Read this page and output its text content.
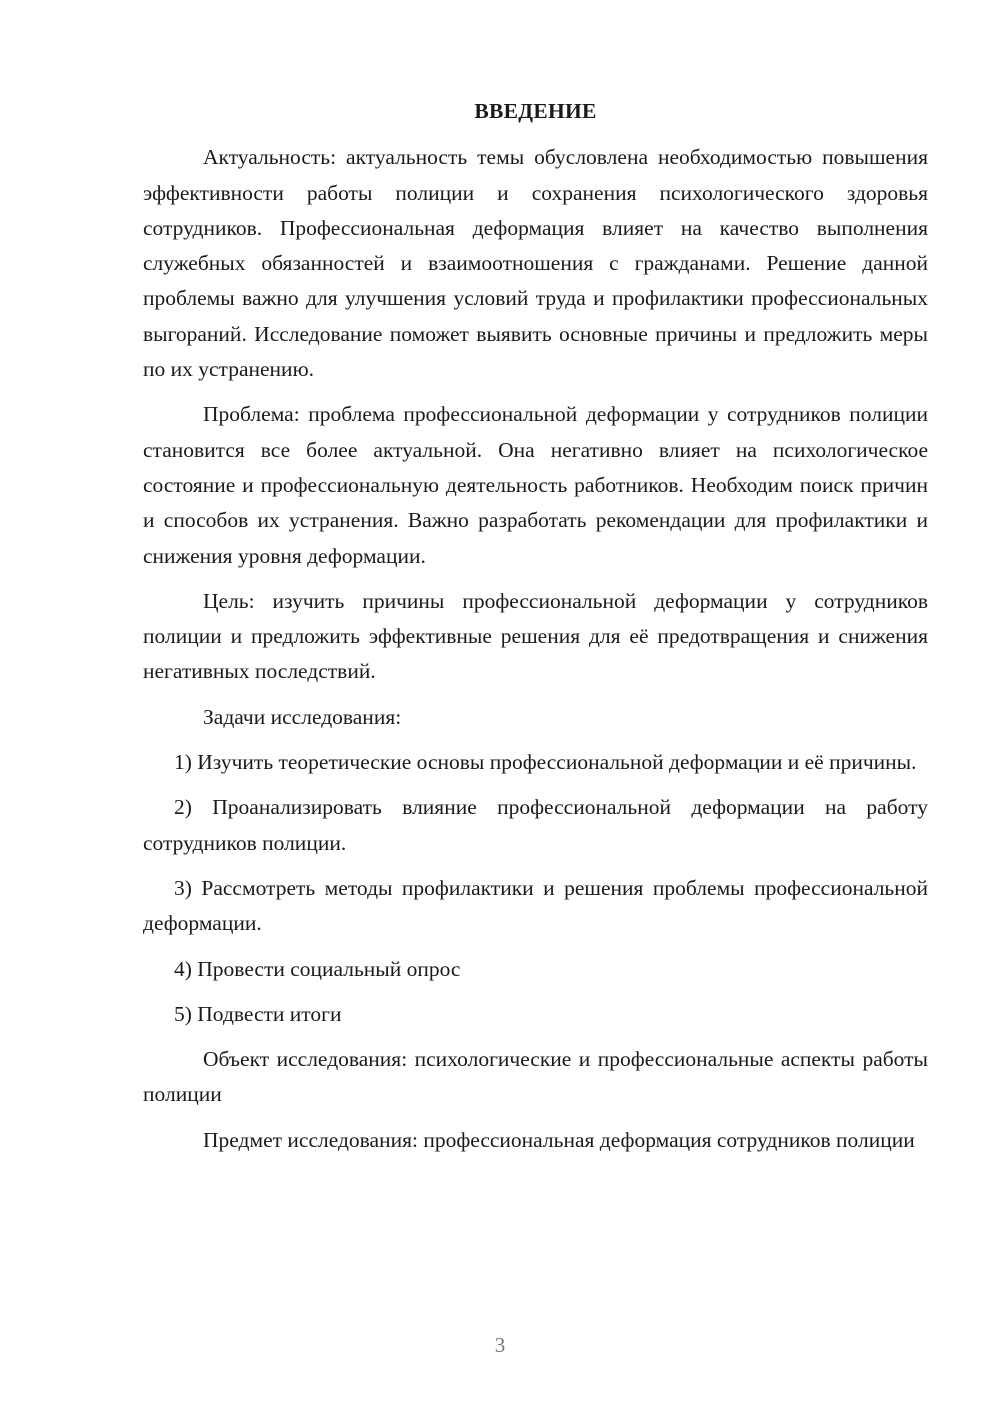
ВВЕДЕНИЕ

Актуальность: актуальность темы обусловлена необходимостью повышения эффективности работы полиции и сохранения психологического здоровья сотрудников. Профессиональная деформация влияет на качество выполнения служебных обязанностей и взаимоотношения с гражданами. Решение данной проблемы важно для улучшения условий труда и профилактики профессиональных выгораний. Исследование поможет выявить основные причины и предложить меры по их устранению.

Проблема: проблема профессиональной деформации у сотрудников полиции становится все более актуальной. Она негативно влияет на психологическое состояние и профессиональную деятельность работников. Необходим поиск причин и способов их устранения. Важно разработать рекомендации для профилактики и снижения уровня деформации.

Цель: изучить причины профессиональной деформации у сотрудников полиции и предложить эффективные решения для её предотвращения и снижения негативных последствий.

Задачи исследования:

1) Изучить теоретические основы профессиональной деформации и её причины.

2) Проанализировать влияние профессиональной деформации на работу сотрудников полиции.

3) Рассмотреть методы профилактики и решения проблемы профессиональной деформации.

4) Провести социальный опрос

5) Подвести итоги

Объект исследования: психологические и профессиональные аспекты работы полиции

Предмет исследования: профессиональная деформация сотрудников полиции

3
